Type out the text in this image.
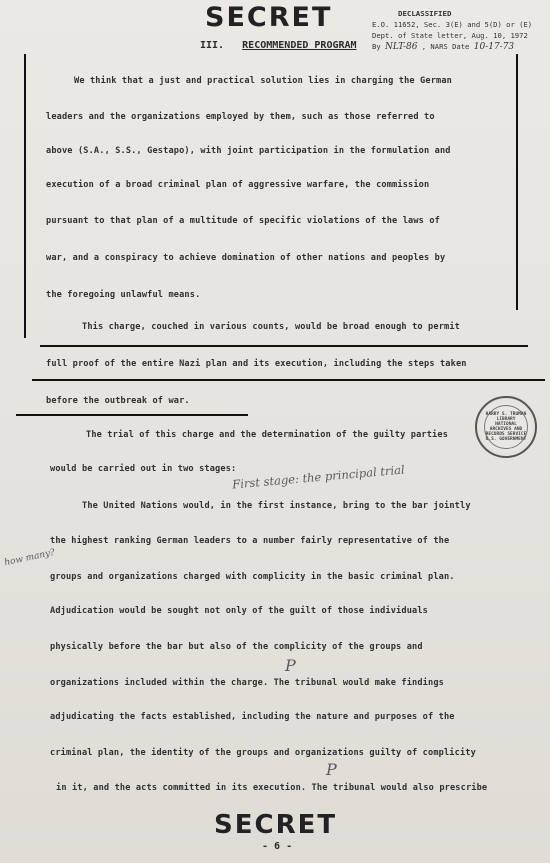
SECRET
III. RECOMMENDED PROGRAM
DECLASSIFIED
E.O. 11652, Sec. 3(E) and 5(D) or (E)
Dept. of State letter, Aug. 10, 1972
By NLT-86 , NARS Date 10-17-73
We think that a just and practical solution lies in charging the German
leaders and the organizations employed by them, such as those referred to
above (S.A., S.S., Gestapo), with joint participation in the formulation and
execution of a broad criminal plan of aggressive warfare, the commission
pursuant to that plan of a multitude of specific violations of the laws of
war, and a conspiracy to achieve domination of other nations and peoples by
the foregoing unlawful means.
This charge, couched in various counts, would be broad enough to permit
full proof of the entire Nazi plan and its execution, including the steps taken
before the outbreak of war.
The trial of this charge and the determination of the guilty parties
would be carried out in two stages:
The United Nations would, in the first instance, bring to the bar jointly
the highest ranking German leaders to a number fairly representative of the
groups and organizations charged with complicity in the basic criminal plan.
Adjudication would be sought not only of the guilt of those individuals
physically before the bar but also of the complicity of the groups and
organizations included within the charge. The tribunal would make findings
adjudicating the facts established, including the nature and purposes of the
criminal plan, the identity of the groups and organizations guilty of complicity
in it, and the acts committed in its execution. The tribunal would also prescribe
HARRY S. TRUMAN LIBRARY
NATIONAL ARCHIVES AND RECORDS SERVICE
U.S. GOVERNMENT
First stage: the principal trial
how many?
P
P
SECRET
- 6 -
